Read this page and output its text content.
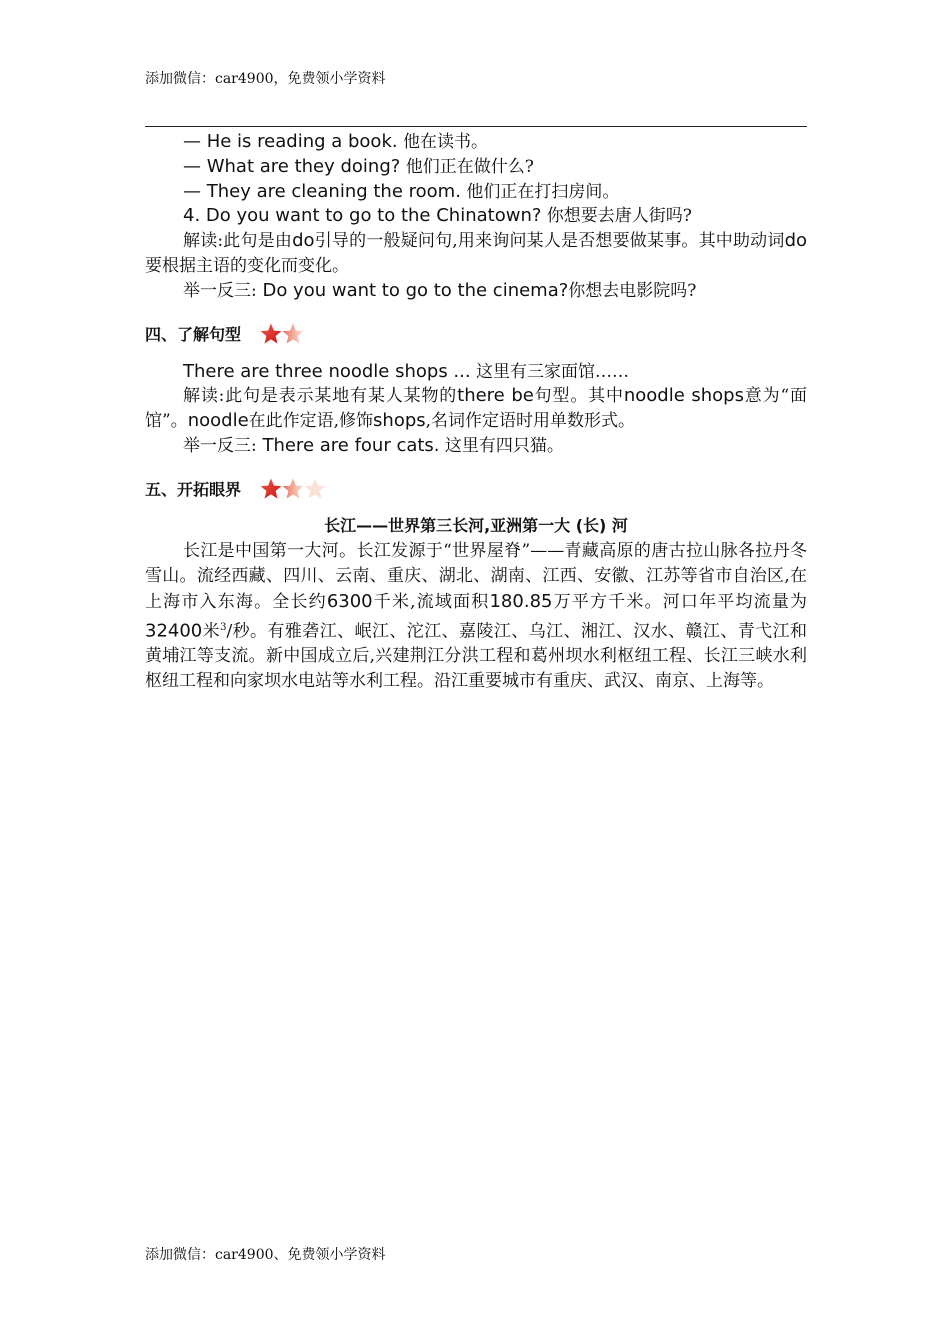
添加微信：car4900，免费领小学资料
— He is reading a book. 他在读书。
— What are they doing? 他们正在做什么?
— They are cleaning the room. 他们正在打扫房间。
4. Do you want to go to the Chinatown? 你想要去唐人街吗?
解读:此句是由do引导的一般疑问句,用来询问某人是否想要做某事。其中助动词do要根据主语的变化而变化。
举一反三: Do you want to go to the cinema?你想去电影院吗?
四、了解句型
There are three noodle shops ... 这里有三家面馆……
解读:此句是表示某地有某人某物的there be句型。其中noodle shops意为“面馆”。noodle在此作定语,修饰shops,名词作定语时用单数形式。
举一反三: There are four cats. 这里有四只猫。
五、开拓眼界
长江——世界第三长河,亚洲第一大 (长) 河
长江是中国第一大河。长江发源于“世界屋脊”——青藏高原的唐古拉山脉各拉丹冬雪山。流经西藏、四川、云南、重庆、湖北、湖南、江西、安徽、江苏等省市自治区,在上海市入东海。全长约6300千米,流域面积180.85万平方千米。河口年平均流量为32400米$^3$/秒。有雅砻江、岷江、沱江、嘉陵江、乌江、湘江、汉水、赣江、青弋江和黄埔江等支流。新中国成立后,兴建荆江分洪工程和葛州坝水利枢纽工程、长江三峡水利枢纽工程和向家坝水电站等水利工程。沿江重要城市有重庆、武汉、南京、上海等。
添加微信：car4900、免费领小学资料
